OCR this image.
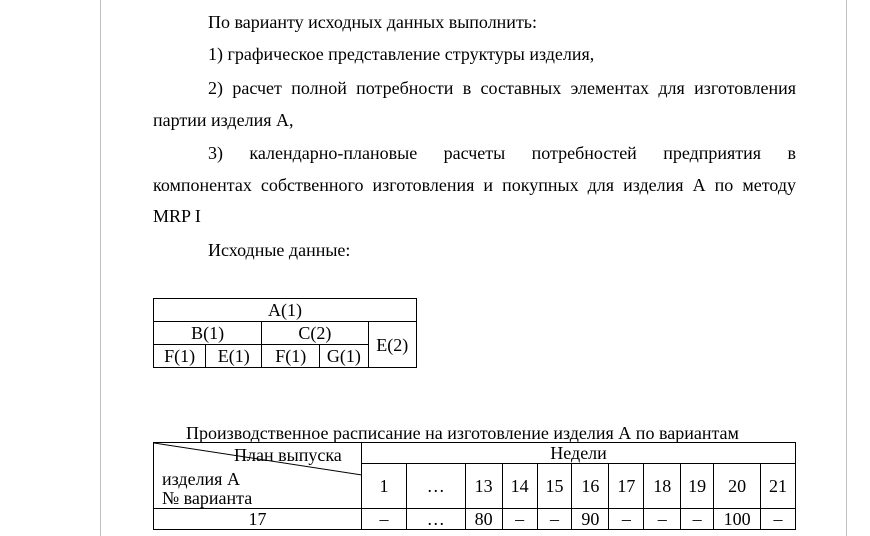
По варианту исходных данных выполнить:
1) графическое представление структуры изделия,
2) расчет полной потребности в составных элементах для изготовления
партии изделия А,
3) календарно-плановые расчеты потребностей предприятия в
компонентах собственного изготовления и покупных для изделия А по методу
MRP I
Исходные данные:
А(1)				
В(1)		С(2)		E(2)
F(1)	E(1)	F(1)	G(1)	
Производственное расписание на изготовление изделия А по вариантам
План выпуска
изделия А
№ варианта	Недели										
	1	…	13	14	15	16	17	18	19	20	21
17	–	…	80	–	–	90	–	–	–	100	–
